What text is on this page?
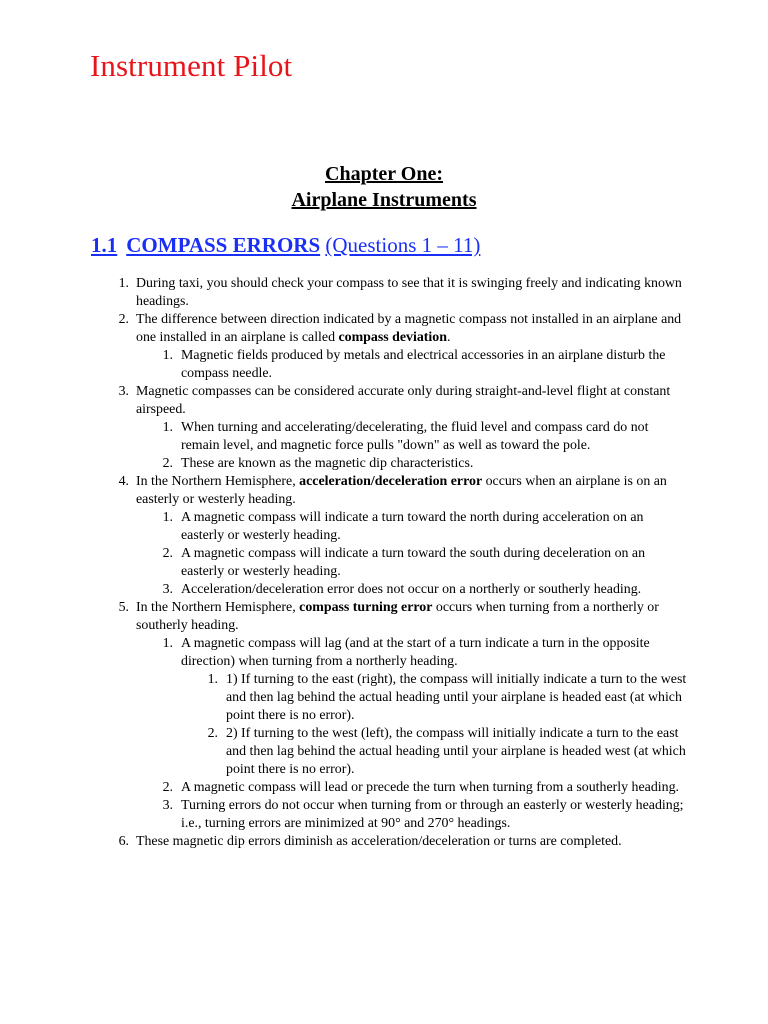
Instrument Pilot
Chapter One:
Airplane Instruments
1.1 COMPASS ERRORS (Questions 1 – 11)
1. During taxi, you should check your compass to see that it is swinging freely and indicating known headings.
2. The difference between direction indicated by a magnetic compass not installed in an airplane and one installed in an airplane is called compass deviation.
1. Magnetic fields produced by metals and electrical accessories in an airplane disturb the compass needle.
3. Magnetic compasses can be considered accurate only during straight-and-level flight at constant airspeed.
1. When turning and accelerating/decelerating, the fluid level and compass card do not remain level, and magnetic force pulls "down" as well as toward the pole.
2. These are known as the magnetic dip characteristics.
4. In the Northern Hemisphere, acceleration/deceleration error occurs when an airplane is on an easterly or westerly heading.
1. A magnetic compass will indicate a turn toward the north during acceleration on an easterly or westerly heading.
2. A magnetic compass will indicate a turn toward the south during deceleration on an easterly or westerly heading.
3. Acceleration/deceleration error does not occur on a northerly or southerly heading.
5. In the Northern Hemisphere, compass turning error occurs when turning from a northerly or southerly heading.
1. A magnetic compass will lag (and at the start of a turn indicate a turn in the opposite direction) when turning from a northerly heading.
1. 1) If turning to the east (right), the compass will initially indicate a turn to the west and then lag behind the actual heading until your airplane is headed east (at which point there is no error).
2. 2) If turning to the west (left), the compass will initially indicate a turn to the east and then lag behind the actual heading until your airplane is headed west (at which point there is no error).
2. A magnetic compass will lead or precede the turn when turning from a southerly heading.
3. Turning errors do not occur when turning from or through an easterly or westerly heading; i.e., turning errors are minimized at 90° and 270° headings.
6. These magnetic dip errors diminish as acceleration/deceleration or turns are completed.
